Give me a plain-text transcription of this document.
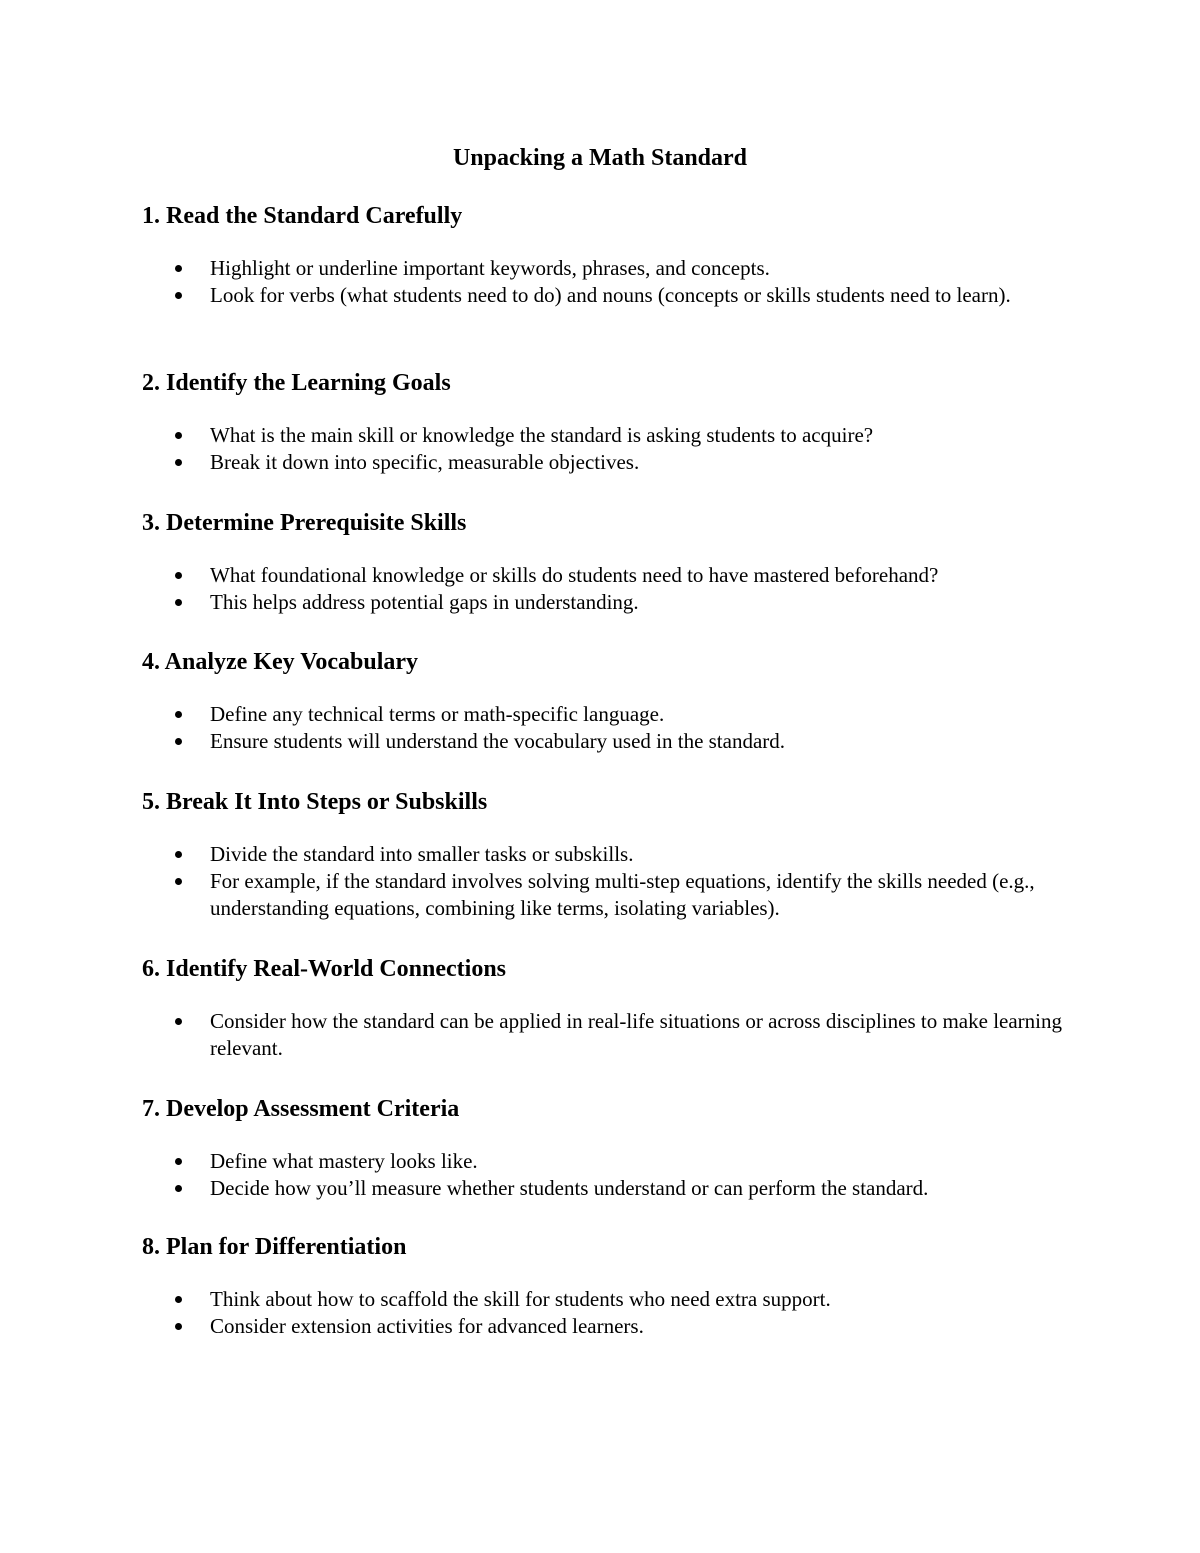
Unpacking a Math Standard
1. Read the Standard Carefully
Highlight or underline important keywords, phrases, and concepts.
Look for verbs (what students need to do) and nouns (concepts or skills students need to learn).
2. Identify the Learning Goals
What is the main skill or knowledge the standard is asking students to acquire?
Break it down into specific, measurable objectives.
3. Determine Prerequisite Skills
What foundational knowledge or skills do students need to have mastered beforehand?
This helps address potential gaps in understanding.
4. Analyze Key Vocabulary
Define any technical terms or math-specific language.
Ensure students will understand the vocabulary used in the standard.
5. Break It Into Steps or Subskills
Divide the standard into smaller tasks or subskills.
For example, if the standard involves solving multi-step equations, identify the skills needed (e.g., understanding equations, combining like terms, isolating variables).
6. Identify Real-World Connections
Consider how the standard can be applied in real-life situations or across disciplines to make learning relevant.
7. Develop Assessment Criteria
Define what mastery looks like.
Decide how you’ll measure whether students understand or can perform the standard.
8. Plan for Differentiation
Think about how to scaffold the skill for students who need extra support.
Consider extension activities for advanced learners.
